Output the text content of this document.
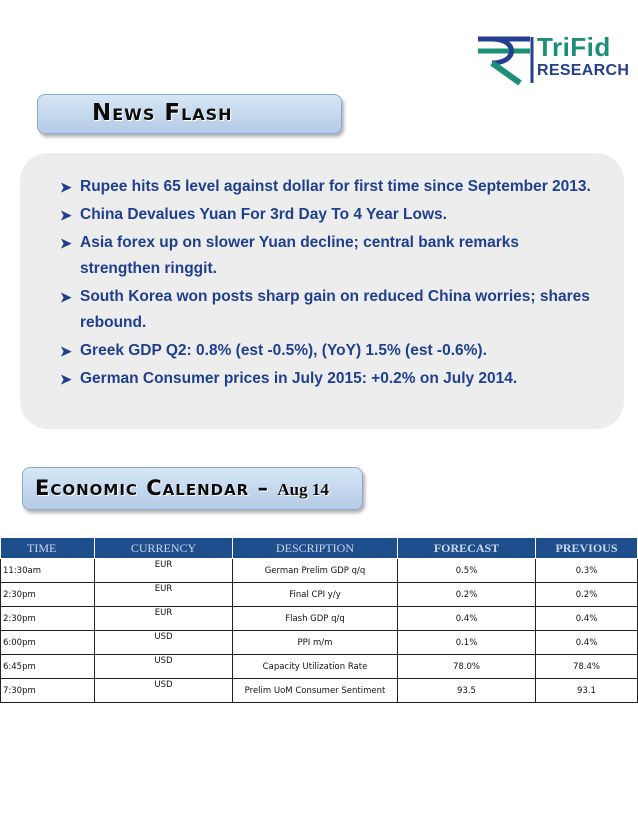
TriFid
RESEARCH
News Flash
➤ Rupee hits 65 level against dollar for first time since September 2013.
➤ China Devalues Yuan For 3rd Day To 4 Year Lows.
➤ Asia forex up on slower Yuan decline; central bank remarks strengthen ringgit.
➤ South Korea won posts sharp gain on reduced China worries; shares rebound.
➤ Greek GDP Q2: 0.8% (est -0.5%), (YoY) 1.5% (est -0.6%).
➤ German Consumer prices in July 2015: +0.2% on July 2014.
Economic Calendar – Aug 14
TIME	CURRENCY	DESCRIPTION	FORECAST	PREVIOUS
11:30am	EUR	German Prelim GDP q/q	0.5%	0.3%
2:30pm	EUR	Final CPI y/y	0.2%	0.2%
2:30pm	EUR	Flash GDP q/q	0.4%	0.4%
6:00pm	USD	PPI m/m	0.1%	0.4%
6:45pm	USD	Capacity Utilization Rate	78.0%	78.4%
7:30pm	USD	Prelim UoM Consumer Sentiment	93.5	93.1
